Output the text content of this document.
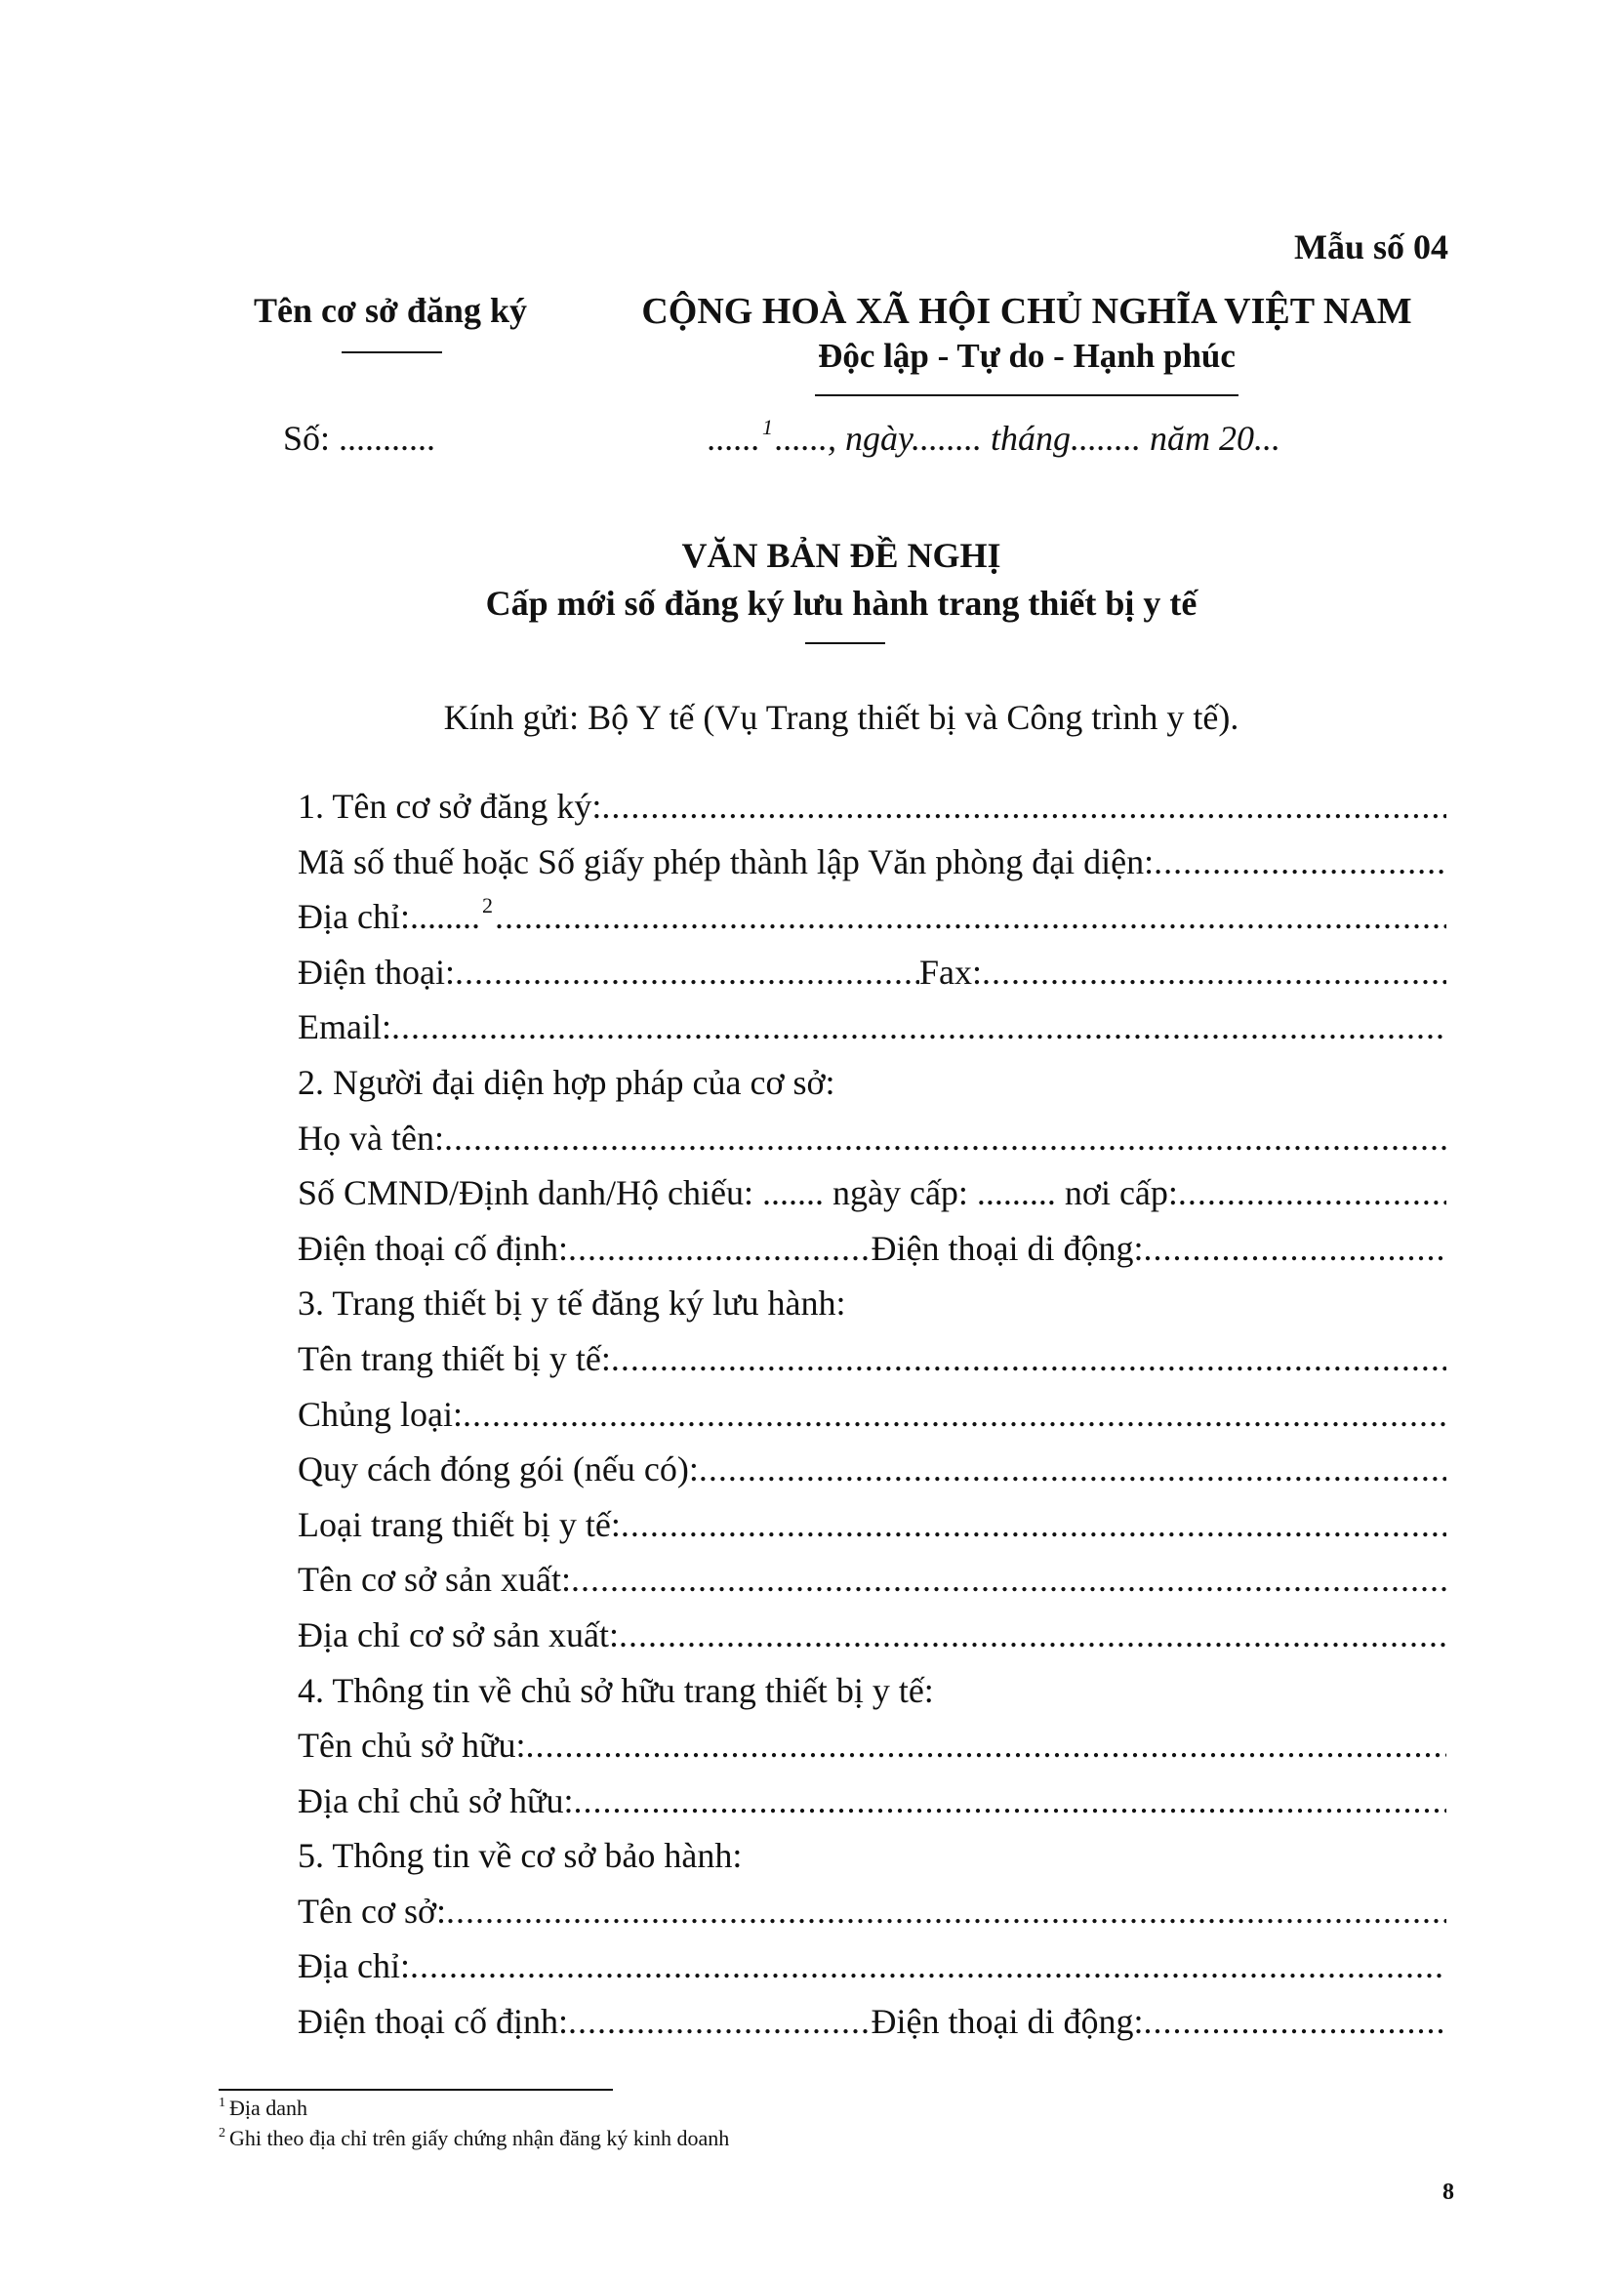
Mẫu số 04
Tên cơ sở đăng ký	CỘNG HOÀ XÃ HỘI CHỦ NGHĨA VIỆT NAM
Độc lập - Tự do - Hạnh phúc
Số: ...........	......$^1$......, ngày........ tháng........ năm 20...
VĂN BẢN ĐỀ NGHỊ
Cấp mới số đăng ký lưu hành trang thiết bị y tế
Kính gửi: Bộ Y tế (Vụ Trang thiết bị và Công trình y tế).
1. Tên cơ sở đăng ký:
.....
Mã số thuế hoặc Số giấy phép thành lập Văn phòng đại diện:
.....
Địa chỉ:........ 2
.....
Điện thoại: .....	Fax:
.....
Email:
.....
2. Người đại diện hợp pháp của cơ sở:
Họ và tên:
.....
Số CMND/Định danh/Hộ chiếu: ....... ngày cấp: ......... nơi cấp:
.....
Điện thoại cố định: .....	Điện thoại di động:
.....
3. Trang thiết bị y tế đăng ký lưu hành:
Tên trang thiết bị y tế:
.....
Chủng loại:
.....
Quy cách đóng gói (nếu có):
.....
Loại trang thiết bị y tế:
.....
Tên cơ sở sản xuất:
.....
Địa chỉ cơ sở sản xuất:
.....
4. Thông tin về chủ sở hữu trang thiết bị y tế:
Tên chủ sở hữu:
.....
Địa chỉ chủ sở hữu:
.....
5. Thông tin về cơ sở bảo hành:
Tên cơ sở:
.....
Địa chỉ:
.....
Điện thoại cố định: .....	Điện thoại di động:
.....
$^1$ Địa danh
$^2$ Ghi theo địa chỉ trên giấy chứng nhận đăng ký kinh doanh
8
